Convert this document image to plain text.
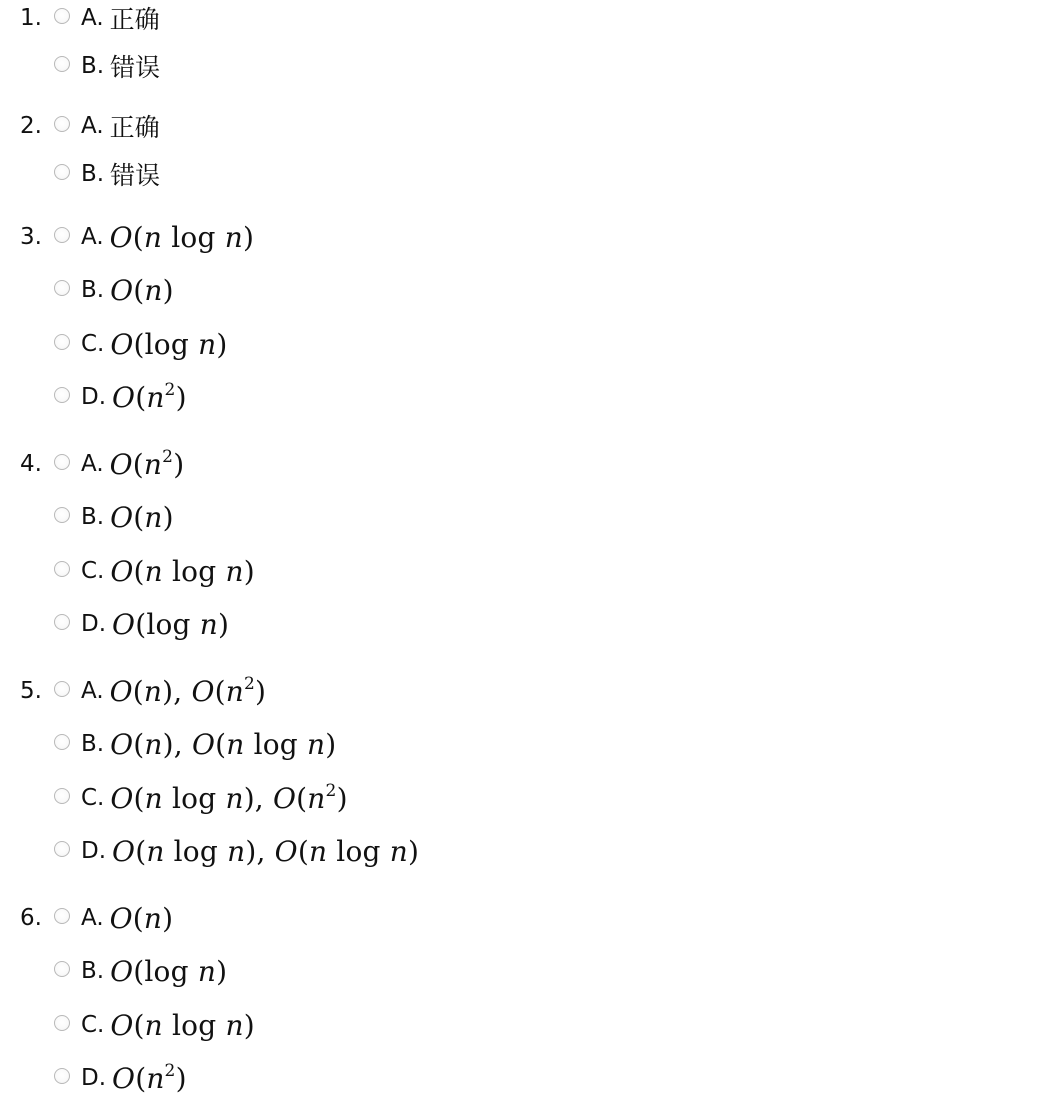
1.	A. 正确
B. 错误
2.	A. 正确
B. 错误
3.	A. O(n log n)
B. O(n)
C. O(log n)
D. $O(n^2)$
4.	A. $O(n^2)$
B. O(n)
C. O(n log n)
D. O(log n)
5.	A. O(n), $O(n^2)$
B. O(n), O(n log n)
C. O(n log n), $O(n^2)$
D. O(n log n), O(n log n)
6.	A. O(n)
B. O(log n)
C. O(n log n)
D. $O(n^2)$
